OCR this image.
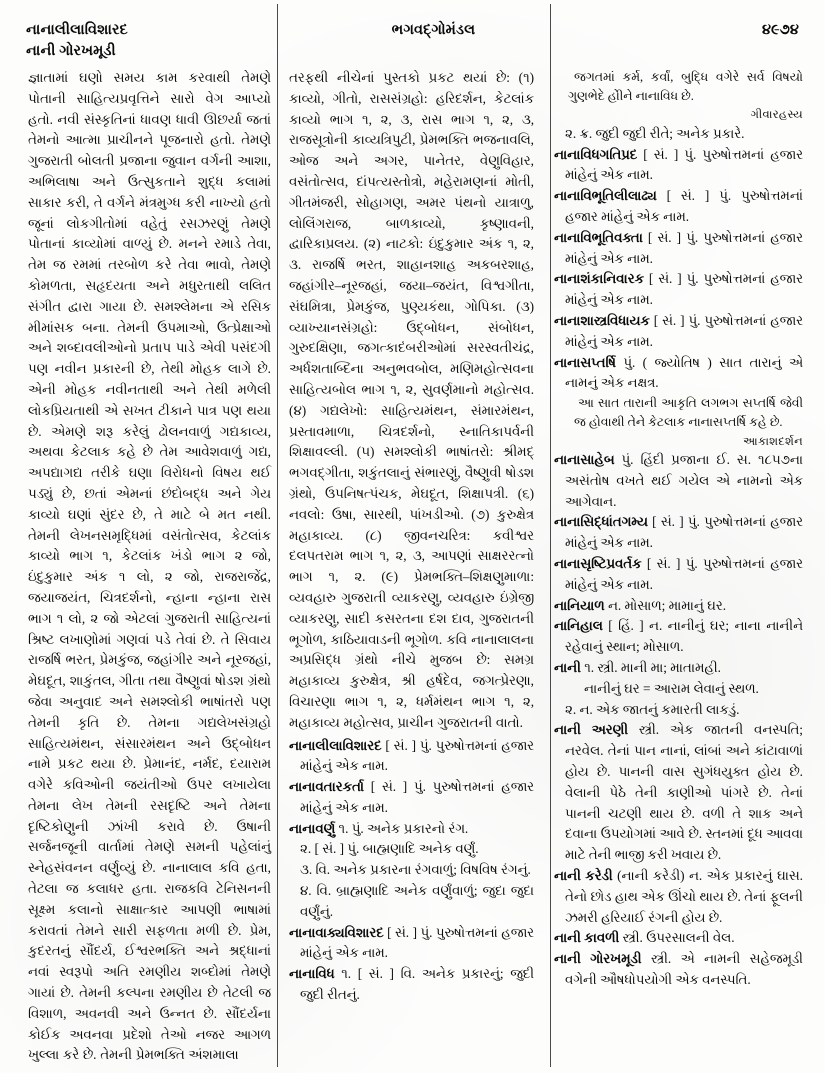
નાનાલીલાવિશારદ
નાની ગોરખમૂડી
ભગવદ્ગોમંડલ	૪૯૭૪

જ્ઞાતામાં ઘણો સમય કામ કરવાથી તેમણે પોતાની સાહિત્યપ્રવૃત્તિને સારો વેગ આપ્યો હતો. નવી સંસ્કૃતિનાં ધાવણ ધાવી ઊછર્યા જતાં તેમનો આત્મા પ્રાચીનને પૂજનારો હતો. તેમણે ગુજરાતી બોલતી પ્રજાના જુવાન વર્ગની આશા, અભિલાષા અને ઉત્સુકતાને શુદ્ધ કલામાં સાકાર કરી, તે વર્ગને મંત્રમુગ્ધ કરી નાખ્યો હતો જૂનાં લોકગીતોમાં વહેતું રસઝરણું તેમણે પોતાનાં કાવ્યોમાં વાળ્યું છે. મનને રમાડે તેવા, તેમ જ રમમાં તરબોળ કરે તેવા ભાવો, તેમણે કોમળતા, સહૃદયતા અને મધુરતાથી લલિત સંગીત દ્વારા ગાયા છે. સમશ્લેમના એ રસિક મીમાંસક બના. તેમની ઉપમાઓ, ઉત્પ્રેક્ષાઓ અને શબ્દાવલીઓનો પ્રતાપ પાડે એવી પસંદગી પણ નવીન પ્રકારની છે, તેથી મોહક લાગે છે. એની મોહક નવીનતાથી અને તેથી મળેલી લોકપ્રિયતાથી એ સખત ટીકાને પાત્ર પણ થયા છે. એમણે શરૂ કરેલું ઢોલનવાળું ગદ્યકાવ્ય, અથવા કેટલાક કહે છે તેમ આવેશવાળું ગદ્ય, અપદ્યાગદ્ય તરીકે ઘણા વિરોધનો વિષય થઈ પડ્યું છે, છતાં એમનાં છંદોબદ્ધ અને ગેય કાવ્યો ઘણાં સુંદર છે, તે માટે બે મત નથી. તેમની લેખનસમૃદ્ધિમાં વસંતોત્સવ, કેટલાંક કાવ્યો ભાગ ૧, કેટલાંક ખંડો ભાગ ૨ જો, ઇંદુકુમાર અંક ૧ લો, ૨ જો, રાજરાજેંદ્ર, જયાજયંત, ચિત્રદર્શનો, ન્હાના ન્હાના રાસ ભાગ ૧ લો, ૨ જો એટલાં ગુજરાતી સાહિત્યનાં શ્રિષ્ટ લખાણોમાં ગણવાં પડે તેવાં છે. તે સિવાય રાજર્ષિ ભરત, પ્રેમકુંજ, જહાંગીર અને નૂરજહાં, મેઘદૂત, શાકુંતલ, ગીતા તથા વૈષ્ણુવાં ષોડશ ગ્રંથો જેવા અનુવાદ અને સમશ્લોકી ભાષાંતરો પણ તેમની કૃતિ છે. તેમના ગદ્યલેખસંગ્રહો સાહિત્યમંથન, સંસારમંથન અને ઉદ્બોધન નામે પ્રકટ થયા છે. પ્રેમાનંદ, નર્મદ, દયારામ વગેરે કવિઓની જયંતીઓ ઉપર લખાયેલા તેમના લેખ તેમની રસદૃષ્ટિ અને તેમના દૃષ્ટિકોણુની ઝાંખી કરાવે છે. ઉષાની સર્જનજૂની વાર્તામાં તેમણે સમની પહેલાંનું સ્નેહસંવનન વર્ણુવ્યું છે. નાનાલાલ કવિ હતા, તેટલા જ કલાધર હતા. રાજકવિ ટેનિસનની સૂક્ષ્મ કલાનો સાક્ષાત્કાર આપણી ભાષામાં કરાવતાં તેમને સારી સફળતા મળી છે. પ્રેમ, કુદરતનું સૌંદર્ય, ઈશ્વરભક્તિ અને શ્રદ્ધાનાં નવાં સ્વરૂપો અતિ રમણીય શબ્દોમાં તેમણે ગાયાં છે. તેમની કલ્પના રમણીય છે તેટલી જ વિશાળ, અવનવી અને ઉન્નત છે. સૌંદર્યના કોઈક અવનવા પ્રદેશો તેઓ નજર આગળ ખુલ્લા કરે છે. તેમની પ્રેમભક્તિ અંશમાલા

તરફથી નીચેનાં પુસ્તકો પ્રકટ થયાં છે: (૧) કાવ્યો, ગીતો, રાસસંગ્રહો: હરિદર્શન, કેટલાંક કાવ્યો ભાગ ૧, ૨, ૩, રાસ ભાગ ૧, ૨, ૩, રાજસૂત્રોની કાવ્યત્રિપુટી, પ્રેમભક્તિ ભજનાવલિ, ઓજ અને અગર, પાનેતર, વેણુવિહાર, વસંતોત્સવ, દાંપત્યસ્તોત્રો, મહેરામણનાં મોતી, ગીતમંજરી, સોહાગણ, અમર પંથનો યાત્રાળુ, લોલિંગરાજ, બાળકાવ્યો, કૃષ્ણાવની, દ્વારિકાપ્રલય. (૨) નાટકો: ઇંદુકુમાર અંક ૧, ૨, ૩. રાજર્ષિ ભરત, શાહાનશાહ અકબરશાહ, જહાંગીર–નૂરજહાં, જયા–જયંત, વિશ્વગીતા, સંઘમિત્રા, પ્રેમકુંજ, પુણ્યકંથા, ગોપિકા. (૩) વ્યાખ્યાનસંગ્રહો: ઉદ્બોધન, સંબોધન, ગુરુદક્ષિણા, જગત્કાદંબરીઓમાં સરસ્વતીચંદ્ર, અર્ધશતાબ્દિના અનુભવબોલ, મણિમહોત્સવના સાહિત્યબોલ ભાગ ૧, ૨, સુવર્ણમાનો મહોત્સવ. (૪) ગદ્યલેખો: સાહિત્યમંથન, સંમારમંથન, પ્રસ્તાવમાળા, ચિત્રદર્શનો, સ્નાતિકાપર્વની શિક્ષાવલ્લી. (૫) સમશ્લોકી ભાષાંતરો: શ્રીમદ્ ભગવદ્ગીતા, શકુંતલાનું સંભારણું, વૈષ્ણુવી ષોડશ ગ્રંથો, ઉપનિષત્પંચક, મેઘદૂત, શિક્ષાપત્રી. (૬) નવલો: ઉષા, સારથી, પાંખડીઓ. (૭) કુરુક્ષેત્ર મહાકાવ્ય. (૮) જીવનચરિત્ર: કવીશ્વર દલપતરામ ભાગ ૧, ૨, ૩, આપણાં સાક્ષરરત્નો ભાગ ૧, ૨. (૯) પ્રેમભક્તિ–શિક્ષણુમાળા: વ્યવહારુ ગુજરાતી વ્યાકરણુ, વ્યવહારુ ઇંગ્રેજી વ્યાકરણુ, સાદી કસરતના દશ દાવ, ગુજરાતની ભૂગોળ, કાઠિયાવાડની ભૂગોળ. કવિ નાનાલાલના અપ્રસિદ્ધ ગ્રંથો નીચે મુજબ છે: સમગ્ર મહાકાવ્ય કુરુક્ષેત્ર, શ્રી હર્ષદેવ, જગત્પ્રેરણા, વિચારણા ભાગ ૧, ૨, ધર્મમંથન ભાગ ૧, ૨, મહાકાવ્ય મહોત્સવ, પ્રાચીન ગુજરાતની વાતો.

નાનાલીલાવિશારદ [ સં. ] પું. પુરુષોત્તમનાં હજાર માંહેનું એક નામ.

નાનાવતારકર્તા [ સં. ] પું. પુરુષોત્તમનાં હજાર માંહેનું એક નામ.

નાનાવર્ણુ ૧. પું. અનેક પ્રકારનો રંગ.

૨. [ સં. ] પું. બાહ્મણાદિ અનેક વર્ણું.

૩. વિ. અનેક પ્રકારના રંગવાળું; વિષવિષ રંગનું.

૪. વિ. બ્રાહ્મણાદિ અનેક વર્ણુંવાળું; જુદા જુદા વર્ણુંનું.

નાનાવાક્યવિશારદ [ સં. ] પું. પુરુષોત્તમનાં હજાર માંહેનું એક નામ.

નાનાવિધ ૧. [ સં. ] વિ. અનેક પ્રકારનું; જુદી જુદી રીતનું.

જગતમાં કર્મ, કર્વાં, બુદ્ધિ વગેરે સર્વ વિષયો ગુણભેદે હોીને નાનાવિધ છે.

ગીવારહસ્ય

૨. ક્ર. જુદી જુદી રીતે; અનેક પ્રકારે.

નાનાવિધગતિપ્રદ [ સં. ] પું. પુરુષોત્તમનાં હજાર માંહેનું એક નામ.

નાનાવિભૂતિલીલાઢ્ય [ સં. ] પું. પુરુષોત્તમનાં હજાર માંહેનું એક નામ.

નાનાવિભૂતિવક્તા [ સં. ] પું. પુરુષોત્તમનાં હજાર માંહેનું એક નામ.

નાનાશંકાનિવારક [ સં. ] પું. પુરુષોત્તમનાં હજાર માંહેનું એક નામ.

નાનાશાસ્ત્રવિધાયક [ સં. ] પું. પુરુષોત્તમનાં હજાર માંહેનું એક નામ.

નાનાસપ્તર્ષિ પું. ( જ્યોતિષ ) સાત તારાનું એ નામનું એક નક્ષત્ર.

આ સાત તારાની આકૃતિ લગભગ સપ્તર્ષિ જેવી જ હોવાથી તેને કેટલાક નાનાસપ્તર્ષિ કહે છે.

આકાશદર્શન

નાનાસાહેબ પું. હિંદી પ્રજાના ઈ. સ. ૧૮૫૭ના અસંતોષ વખતે થઈ ગયેલ એ નામનો એક આગેવાન.

નાનાસિદ્ધાંતગમ્ય [ સં. ] પું. પુરુષોત્તમનાં હજાર માંહેનું એક નામ.

નાનાસૃષ્ટિપ્રવર્તક [ સં. ] પું. પુરુષોત્તમનાં હજાર માંહેનું એક નામ.

નાનિયાળ ન. મોસાળ; મામાનું ઘર.

નાનિહાલ [ હિં. ] ન. નાનીનું ઘર; નાના નાનીને રહેવાનું સ્થાન; મોસાળ.

નાની ૧. સ્ત્રી. માની મા; માતામહી.

નાનીનું ઘર = આરામ લેવાનું સ્થળ.

૨. ન. એક જાતનું કમારતી લાકડું.

નાની અરણી સ્ત્રી. એક જાતની વનસ્પતિ; નરવેલ. તેનાં પાન નાનાં, લાંબાં અને કાંટાવાળાં હોય છે. પાનની વાસ સુગંધયુક્ત હોય છે. વેલાની પેઠે તેની કાણીઓ પાંગરે છે. તેનાં પાનની ચટણી થાય છે. વળી તે શાક અને દવાના ઉપયોગમાં આવે છે. સ્તનમાં દૂધ આવવા માટે તેની ભાજી કરી ખવાય છે.

નાની કરેડી (નાની કરેડી) ન. એક પ્રકારનું ઘાસ. તેનો છોડ હાથ એક ઊંચો થાય છે. તેનાં ફૂલની ઝમરી હરિયાઈ રંગની હોય છે.

નાની કાવળી સ્ત્રી. ઉપરસાલની વેલ.

નાની ગોરખમૂડી સ્ત્રી. એ નામની સહેજમૂડી વગેની ઔષધોપયોગી એક વનસ્પતિ.
